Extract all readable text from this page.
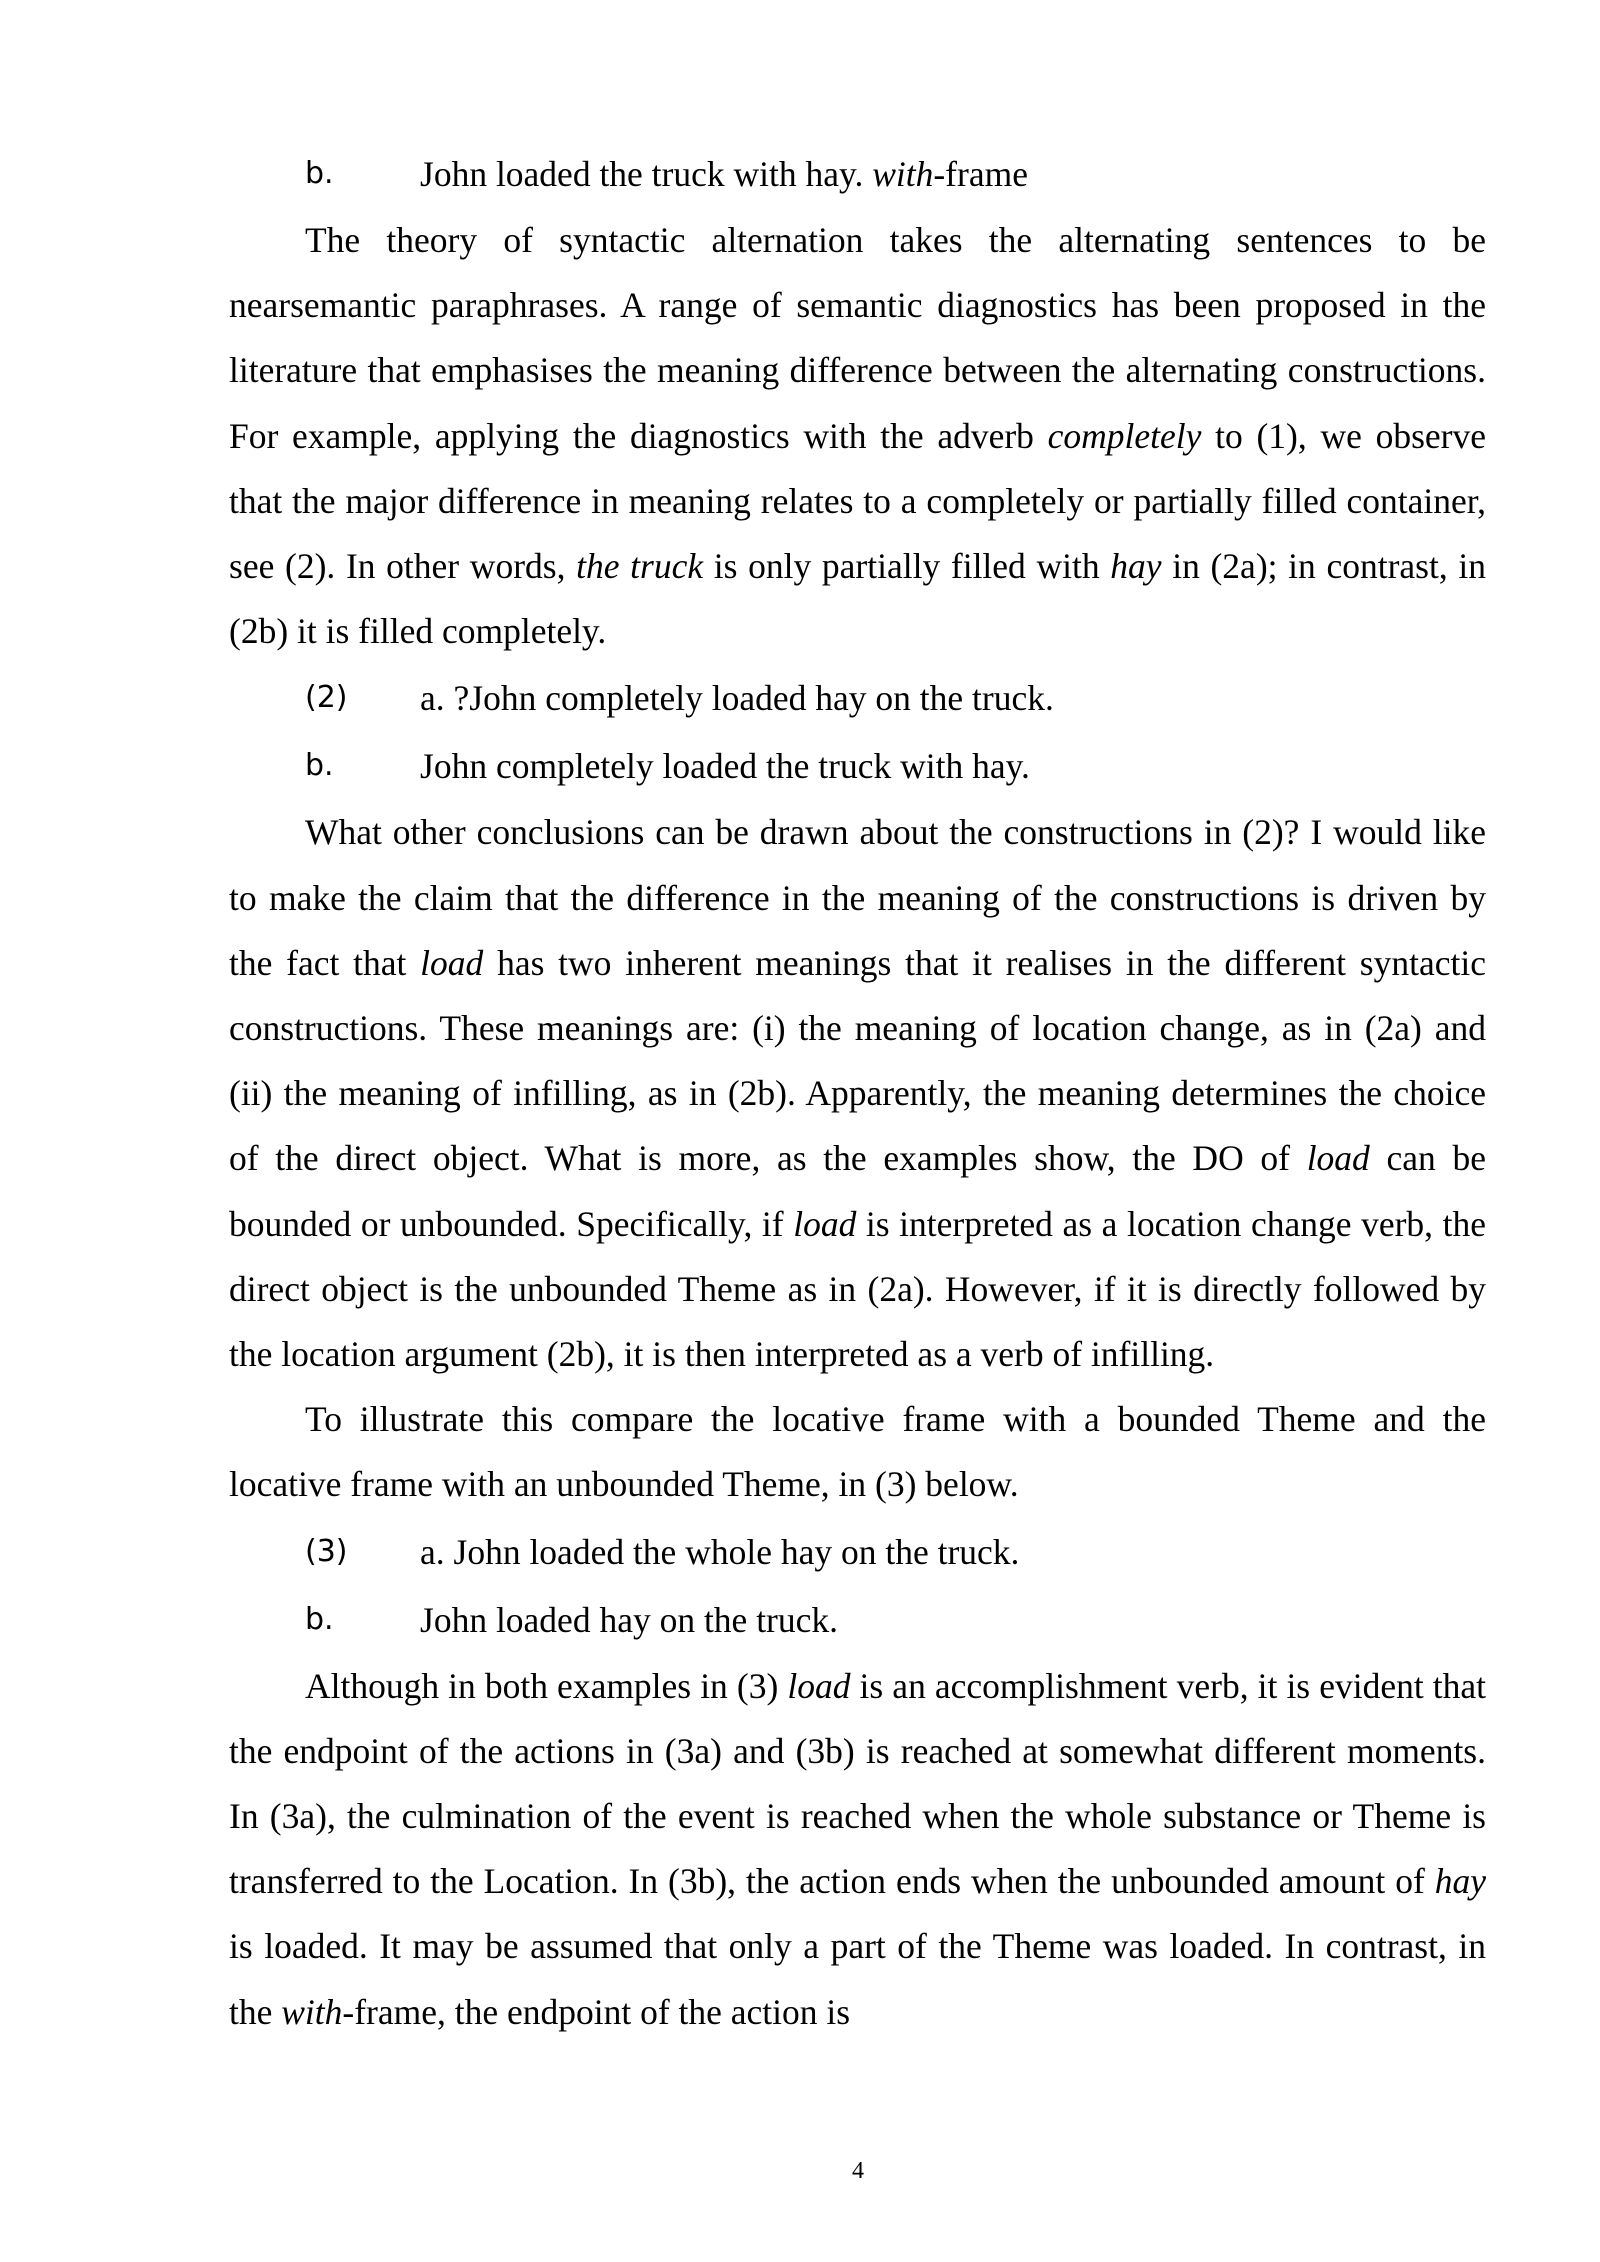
b.	John loaded the truck with hay. with-frame

The theory of syntactic alternation takes the alternating sentences to be nearsemantic paraphrases. A range of semantic diagnostics has been proposed in the literature that emphasises the meaning difference between the alternating constructions. For example, applying the diagnostics with the adverb completely to (1), we observe that the major difference in meaning relates to a completely or partially filled container, see (2). In other words, the truck is only partially filled with hay in (2a); in contrast, in (2b) it is filled completely.

(2)	a. ?John completely loaded hay on the truck.
b.	John completely loaded the truck with hay.

What other conclusions can be drawn about the constructions in (2)? I would like to make the claim that the difference in the meaning of the constructions is driven by the fact that load has two inherent meanings that it realises in the different syntactic constructions. These meanings are: (i) the meaning of location change, as in (2a) and (ii) the meaning of infilling, as in (2b). Apparently, the meaning determines the choice of the direct object. What is more, as the examples show, the DO of load can be bounded or unbounded. Specifically, if load is interpreted as a location change verb, the direct object is the unbounded Theme as in (2a). However, if it is directly followed by the location argument (2b), it is then interpreted as a verb of infilling.

To illustrate this compare the locative frame with a bounded Theme and the locative frame with an unbounded Theme, in (3) below.

(3)	a. John loaded the whole hay on the truck.
b.	John loaded hay on the truck.

Although in both examples in (3) load is an accomplishment verb, it is evident that the endpoint of the actions in (3a) and (3b) is reached at somewhat different moments. In (3a), the culmination of the event is reached when the whole substance or Theme is transferred to the Location. In (3b), the action ends when the unbounded amount of hay is loaded. It may be assumed that only a part of the Theme was loaded. In contrast, in the with-frame, the endpoint of the action is

4
